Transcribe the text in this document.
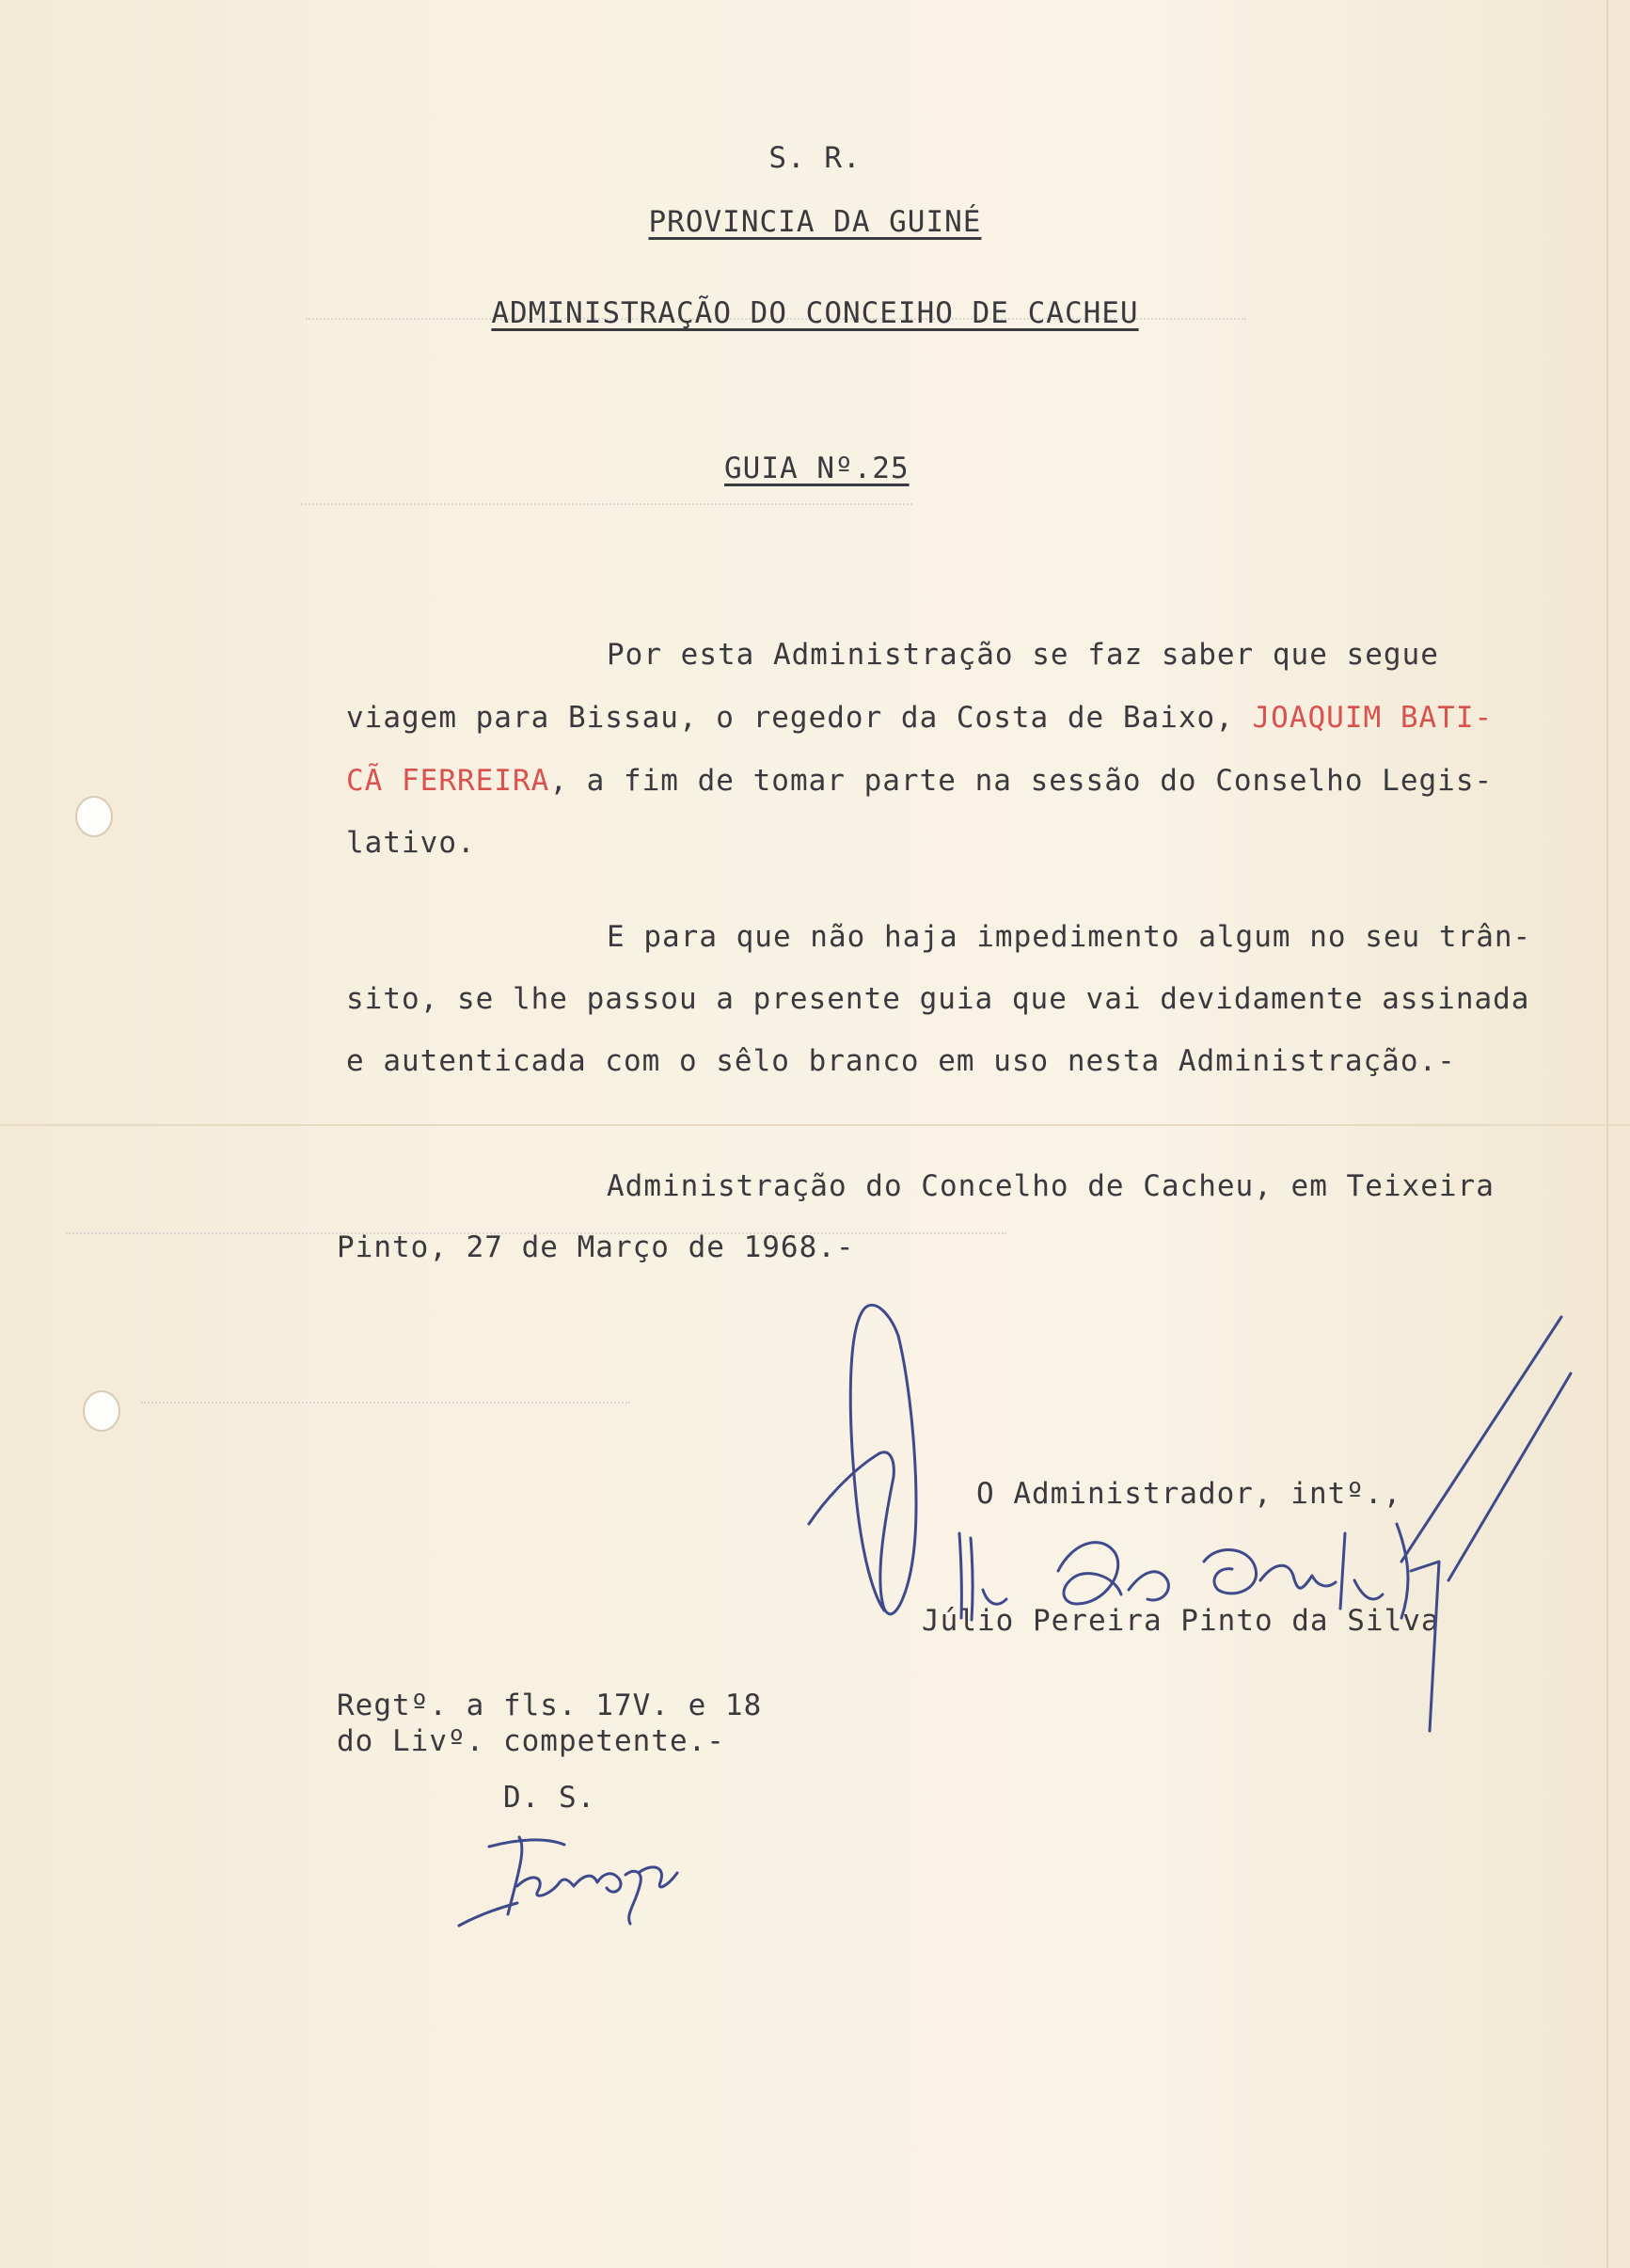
S. R.
PROVINCIA DA GUINÉ
ADMINISTRAÇÃO DO CONCEIHO DE CACHEU
GUIA Nº.25
Por esta Administração se faz saber que segue
viagem para Bissau, o regedor da Costa de Baixo, JOAQUIM BATI-
CÃ FERREIRA, a fim de tomar parte na sessão do Conselho Legis-
lativo.
E para que não haja impedimento algum no seu trân-
sito, se lhe passou a presente guia que vai devidamente assinada
e autenticada com o sêlo branco em uso nesta Administração.-
Administração do Concelho de Cacheu, em Teixeira
Pinto, 27 de Março de 1968.-
O Administrador, intº.,
Júlio Pereira Pinto da Silva
Regtº. a fls. 17V. e 18
do Livº. competente.-
D. S.
